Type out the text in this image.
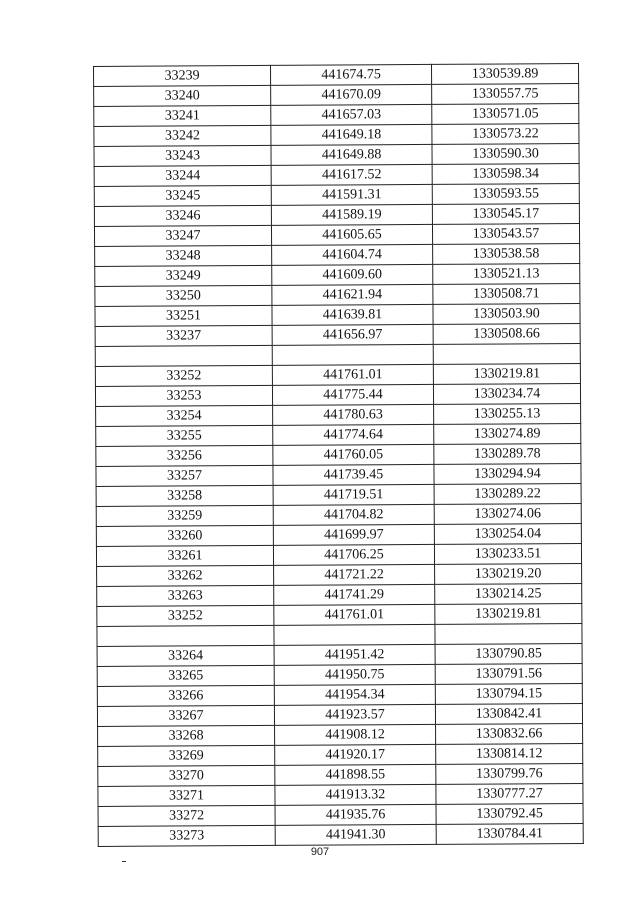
33239	441674.75	1330539.89
33240	441670.09	1330557.75
33241	441657.03	1330571.05
33242	441649.18	1330573.22
33243	441649.88	1330590.30
33244	441617.52	1330598.34
33245	441591.31	1330593.55
33246	441589.19	1330545.17
33247	441605.65	1330543.57
33248	441604.74	1330538.58
33249	441609.60	1330521.13
33250	441621.94	1330508.71
33251	441639.81	1330503.90
33237	441656.97	1330508.66

33252	441761.01	1330219.81
33253	441775.44	1330234.74
33254	441780.63	1330255.13
33255	441774.64	1330274.89
33256	441760.05	1330289.78
33257	441739.45	1330294.94
33258	441719.51	1330289.22
33259	441704.82	1330274.06
33260	441699.97	1330254.04
33261	441706.25	1330233.51
33262	441721.22	1330219.20
33263	441741.29	1330214.25
33252	441761.01	1330219.81

33264	441951.42	1330790.85
33265	441950.75	1330791.56
33266	441954.34	1330794.15
33267	441923.57	1330842.41
33268	441908.12	1330832.66
33269	441920.17	1330814.12
33270	441898.55	1330799.76
33271	441913.32	1330777.27
33272	441935.76	1330792.45
33273	441941.30	1330784.41
907
